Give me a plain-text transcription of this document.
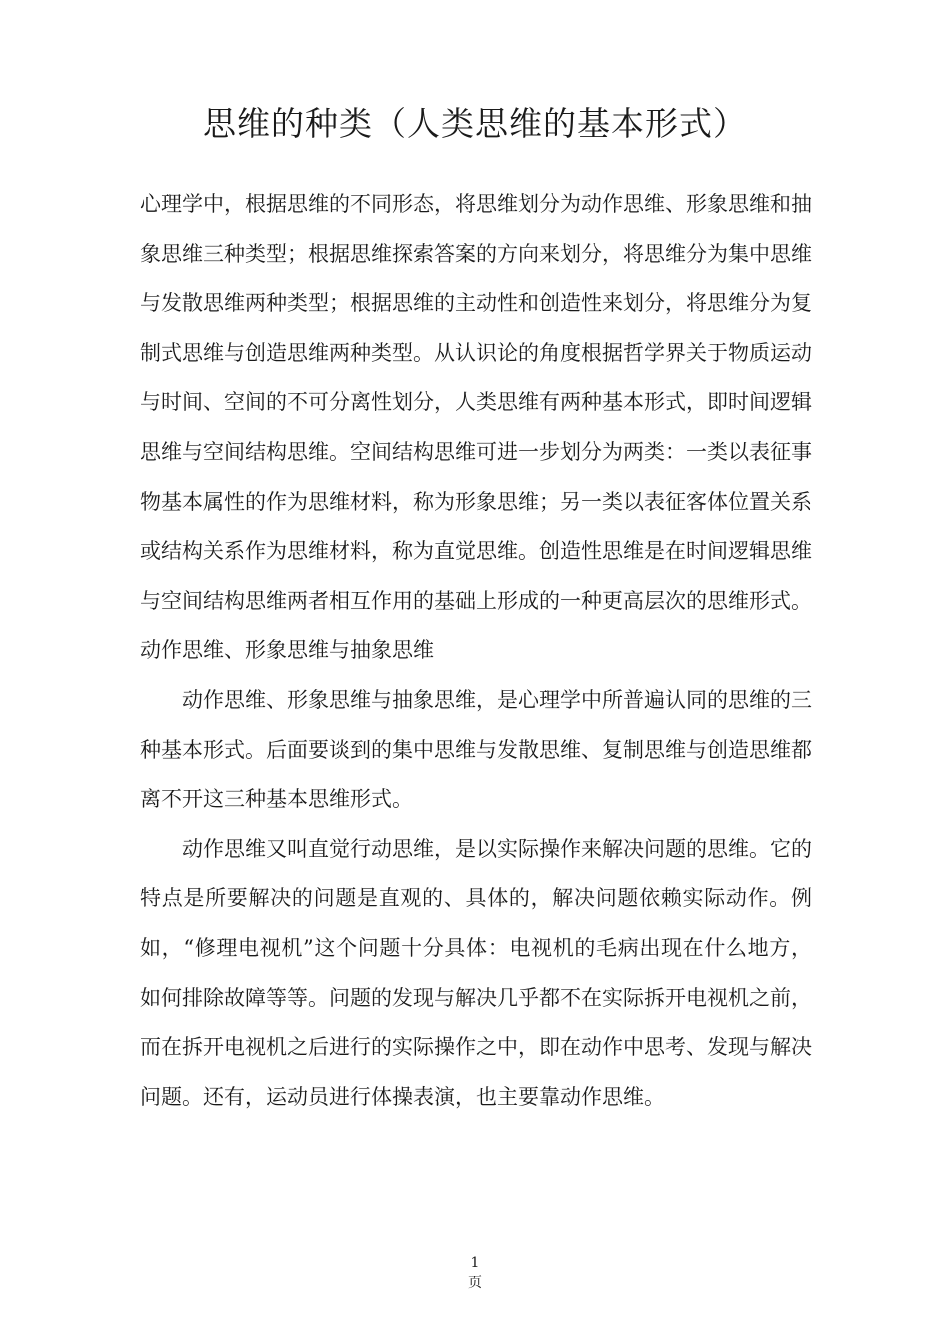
思维的种类（人类思维的基本形式）

心理学中，根据思维的不同形态，将思维划分为动作思维、形象思维和抽象思维三种类型；根据思维探索答案的方向来划分，将思维分为集中思维与发散思维两种类型；根据思维的主动性和创造性来划分，将思维分为复制式思维与创造思维两种类型。从认识论的角度根据哲学界关于物质运动与时间、空间的不可分离性划分，人类思维有两种基本形式，即时间逻辑思维与空间结构思维。空间结构思维可进一步划分为两类：一类以表征事物基本属性的作为思维材料，称为形象思维；另一类以表征客体位置关系或结构关系作为思维材料，称为直觉思维。创造性思维是在时间逻辑思维与空间结构思维两者相互作用的基础上形成的一种更高层次的思维形式。动作思维、形象思维与抽象思维

动作思维、形象思维与抽象思维，是心理学中所普遍认同的思维的三种基本形式。后面要谈到的集中思维与发散思维、复制思维与创造思维都离不开这三种基本思维形式。

动作思维又叫直觉行动思维，是以实际操作来解决问题的思维。它的特点是所要解决的问题是直观的、具体的，解决问题依赖实际动作。例如，“修理电视机”这个问题十分具体：电视机的毛病出现在什么地方，如何排除故障等等。问题的发现与解决几乎都不在实际拆开电视机之前，而在拆开电视机之后进行的实际操作之中，即在动作中思考、发现与解决问题。还有，运动员进行体操表演，也主要靠动作思维。

1
页
